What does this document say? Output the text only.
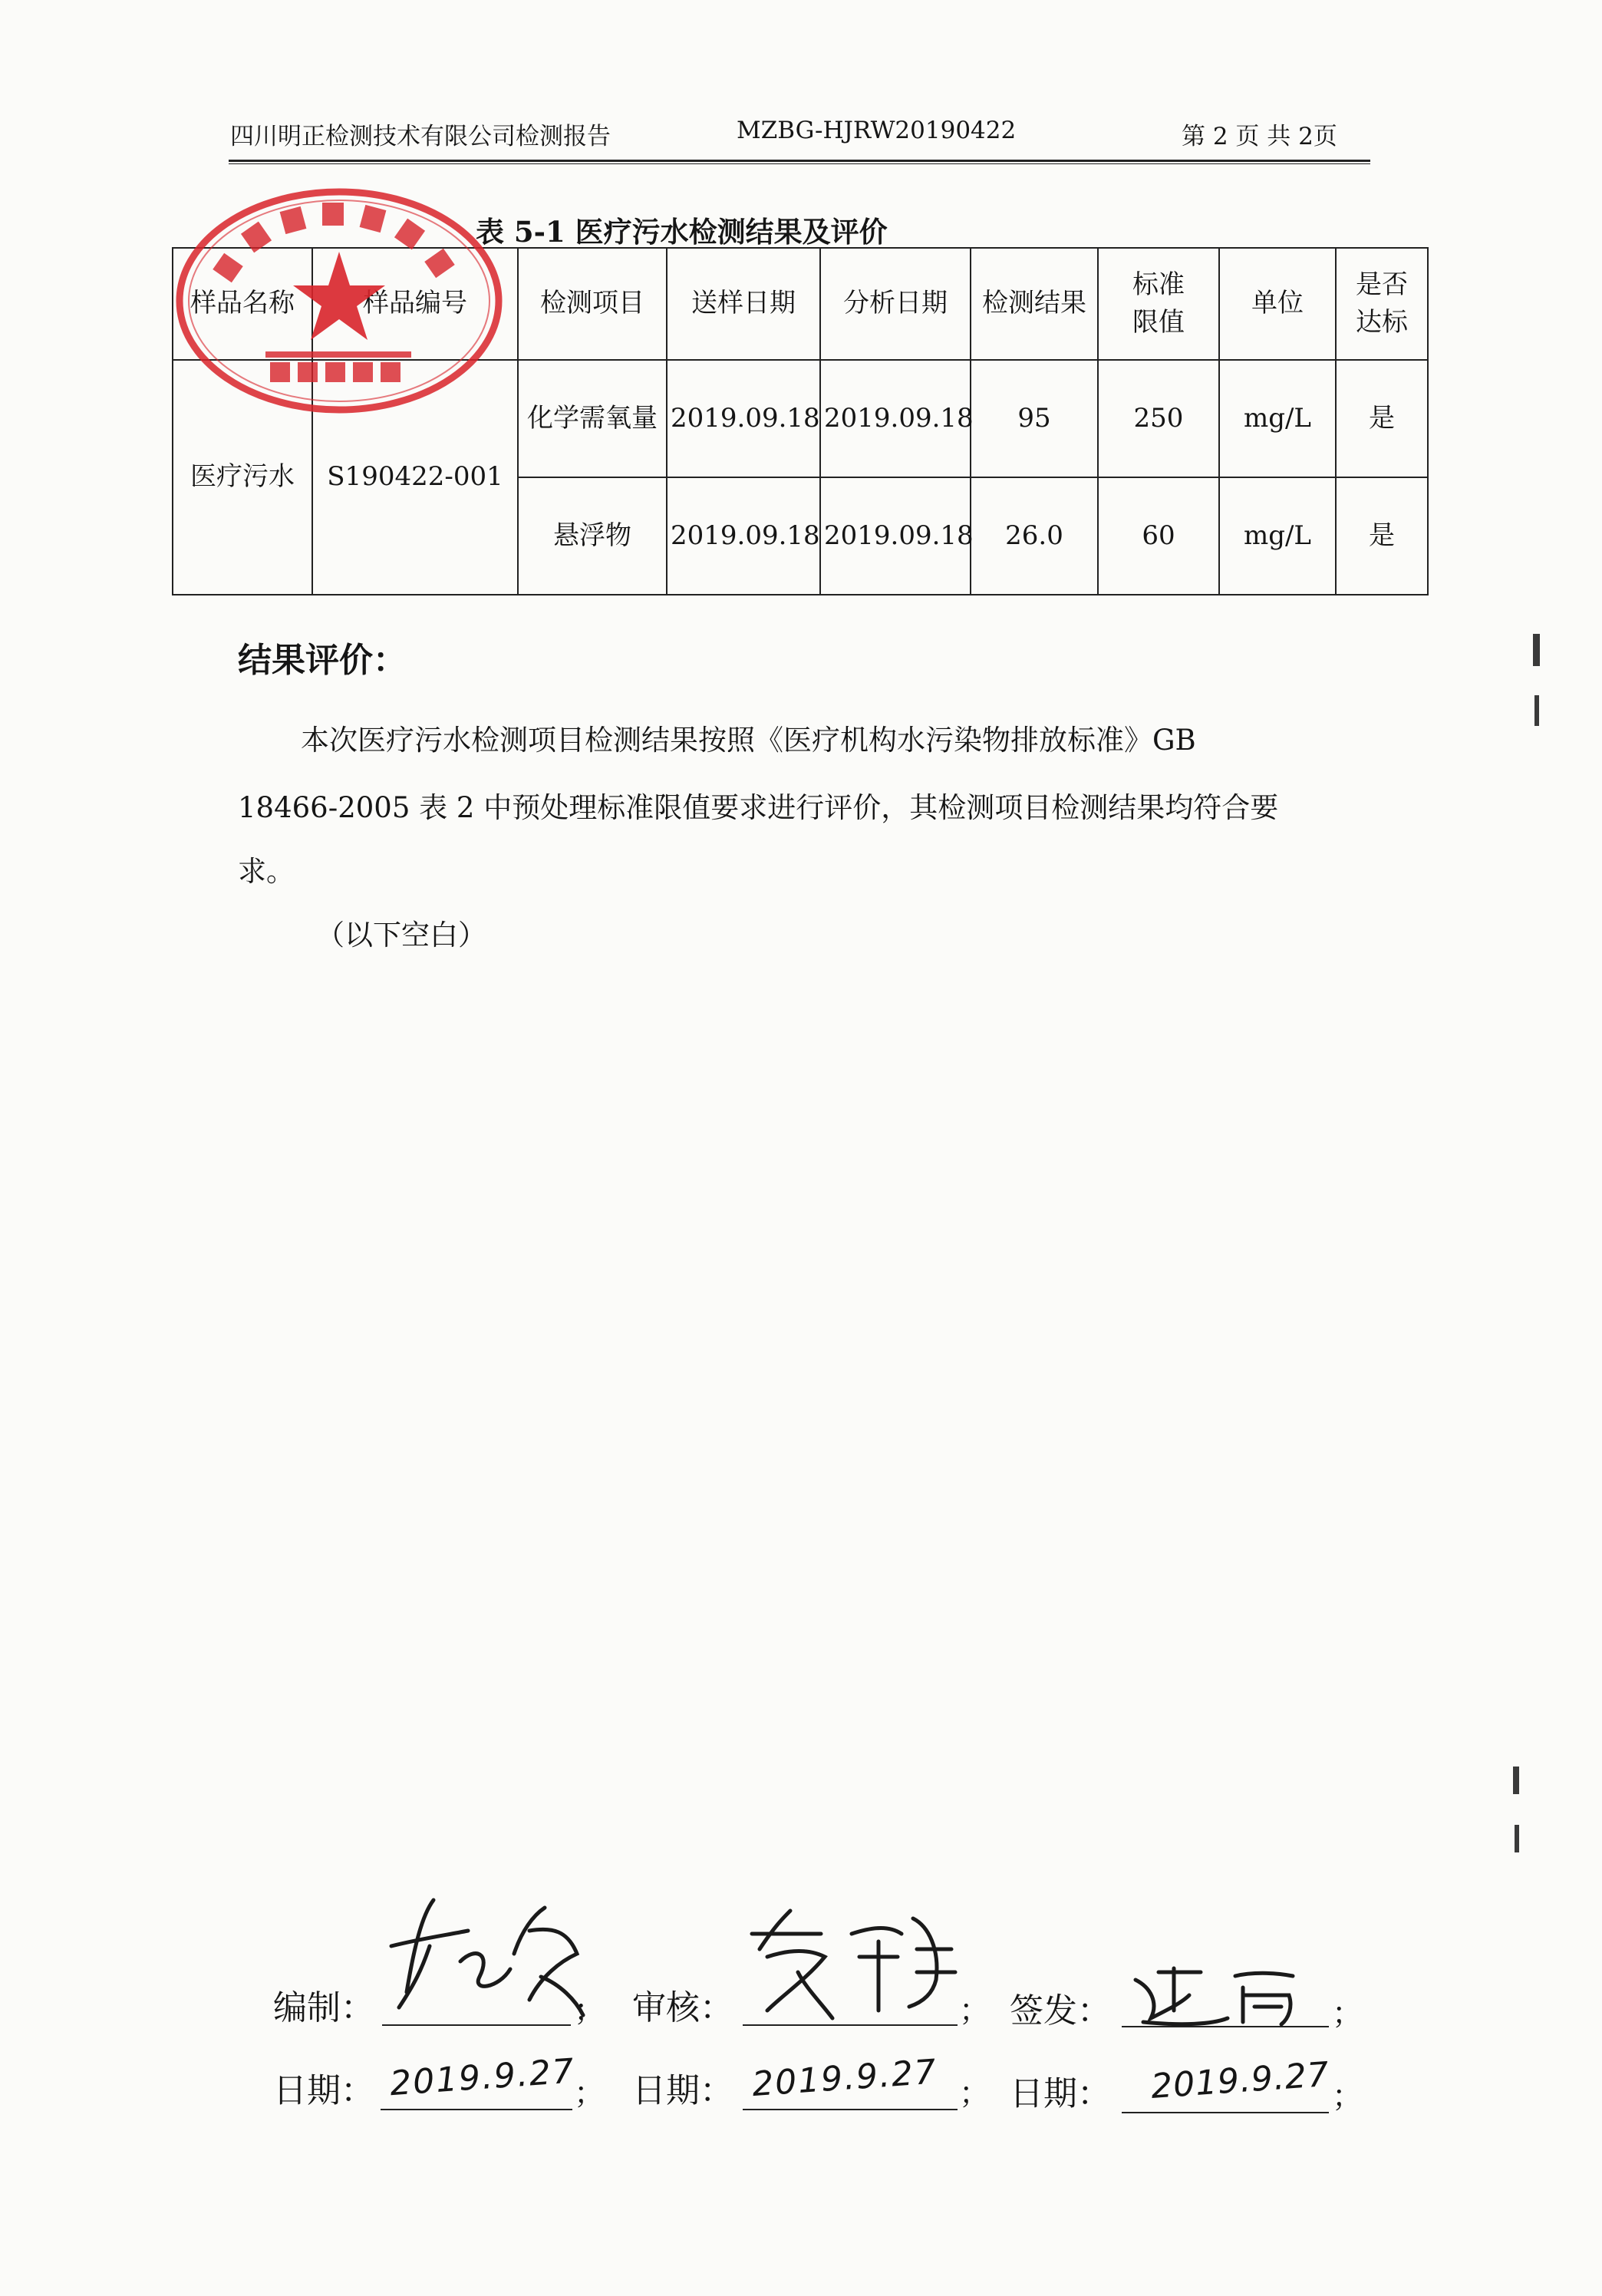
四川明正检测技术有限公司检测报告	MZBG-HJRW20190422	第 2 页 共 2页
表 5-1 医疗污水检测结果及评价
样品名称	样品编号	检测项目	送样日期	分析日期	检测结果	标准限值	单位	是否达标
医疗污水	S190422-001	化学需氧量	2019.09.18	2019.09.18	95	250	mg/L	是
		悬浮物	2019.09.18	2019.09.18	26.0	60	mg/L	是
结果评价：
本次医疗污水检测项目检测结果按照《医疗机构水污染物排放标准》GB
18466-2005 表 2 中预处理标准限值要求进行评价，其检测项目检测结果均符合要
求。
（以下空白）
编制：	； 审核：	； 签发：	；
日期： 2019.9.27
； 日期： 2019.9.27 ； 日期： 2019.9.27 ；
